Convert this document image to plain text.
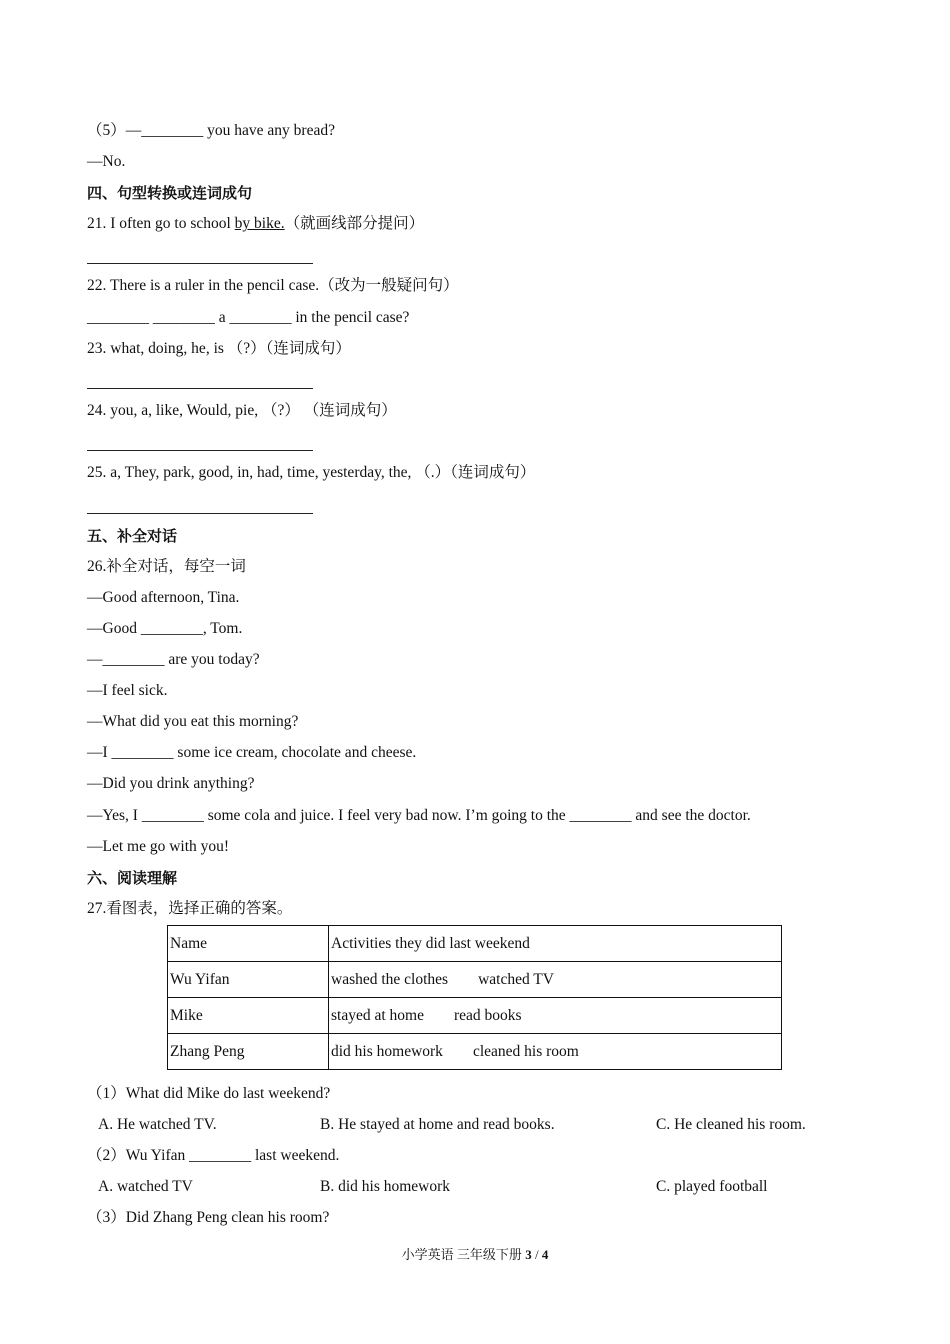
（5）—________ you have any bread?
—No.
四、句型转换或连词成句
21. I often go to school by bike.（就画线部分提问）
22. There is a ruler in the pencil case.（改为一般疑问句）
________ ________ a ________ in the pencil case?
23. what, doing, he, is （?）（连词成句）
24. you, a, like, Would, pie, （?） （连词成句）
25. a, They, park, good, in, had, time, yesterday, the, （.）（连词成句）
五、补全对话
26.补全对话，每空一词
—Good afternoon, Tina.
—Good ________, Tom.
—________ are you today?
—I feel sick.
—What did you eat this morning?
—I ________ some ice cream, chocolate and cheese.
—Did you drink anything?
—Yes, I ________ some cola and juice. I feel very bad now. I’m going to the ________ and see the doctor.
—Let me go with you!
六、阅读理解
27.看图表，选择正确的答案。
Name	Activities they did last weekend
Wu Yifan	washed the clothes watched TV
Mike	stayed at home read books
Zhang Peng	did his homework cleaned his room
（1）What did Mike do last weekend?
A. He watched TV.	B. He stayed at home and read books.	C. He cleaned his room.
（2）Wu Yifan ________ last weekend.
A. watched TV	B. did his homework	C. played football
（3）Did Zhang Peng clean his room?
小学英语 三年级下册 3 / 4
